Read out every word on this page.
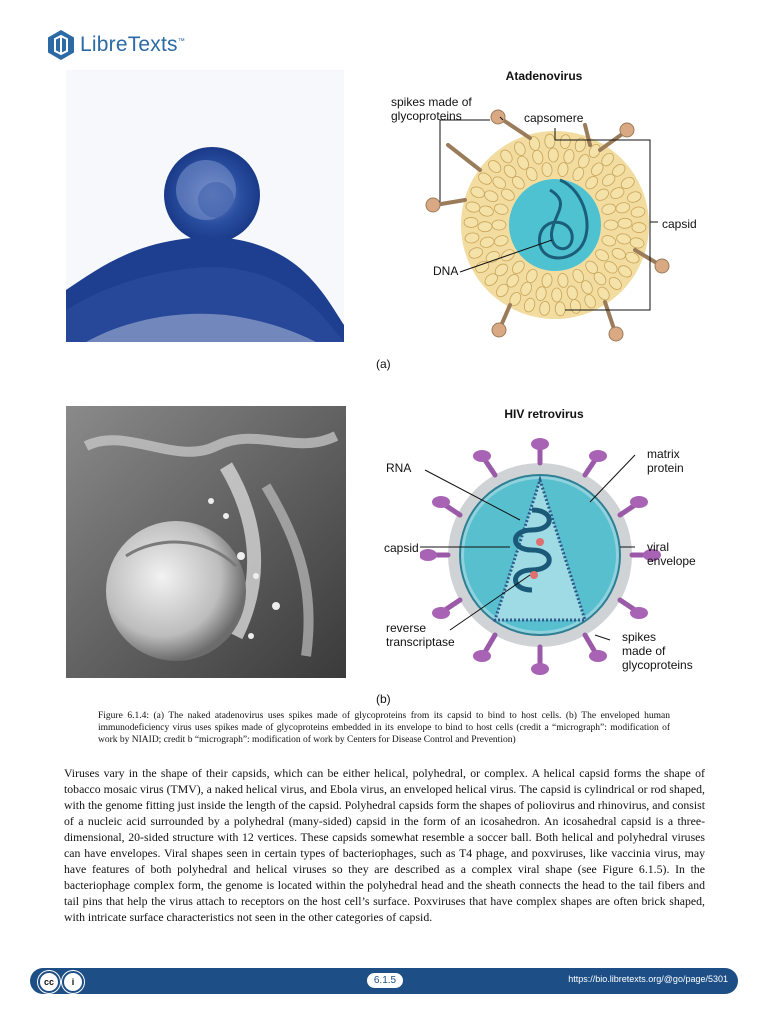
LibreTexts™
Atadenovirus
spikes made of
glycoproteins	capsomere
capsid
DNA
(a)
HIV retrovirus
RNA
matrix
protein
capsid	viral
envelope
reverse
transcriptase	spikes
made of
glycoproteins
(b)
Figure 6.1.4: (a) The naked atadenovirus uses spikes made of glycoproteins from its capsid to bind to host cells. (b) The enveloped human immunodeficiency virus uses spikes made of glycoproteins embedded in its envelope to bind to host cells (credit a “micrograph”: modification of work by NIAID; credit b “micrograph”: modification of work by Centers for Disease Control and Prevention)
Viruses vary in the shape of their capsids, which can be either helical, polyhedral, or complex. A helical capsid forms the shape of tobacco mosaic virus (TMV), a naked helical virus, and Ebola virus, an enveloped helical virus. The capsid is cylindrical or rod shaped, with the genome fitting just inside the length of the capsid. Polyhedral capsids form the shapes of poliovirus and rhinovirus, and consist of a nucleic acid surrounded by a polyhedral (many-sided) capsid in the form of an icosahedron. An icosahedral capsid is a three-dimensional, 20-sided structure with 12 vertices. These capsids somewhat resemble a soccer ball. Both helical and polyhedral viruses can have envelopes. Viral shapes seen in certain types of bacteriophages, such as T4 phage, and poxviruses, like vaccinia virus, may have features of both polyhedral and helical viruses so they are described as a complex viral shape (see Figure 6.1.5). In the bacteriophage complex form, the genome is located within the polyhedral head and the sheath connects the head to the tail fibers and tail pins that help the virus attach to receptors on the host cell’s surface. Poxviruses that have complex shapes are often brick shaped, with intricate surface characteristics not seen in the other categories of capsid.
cc	i	6.1.5	https://bio.libretexts.org/@go/page/5301
